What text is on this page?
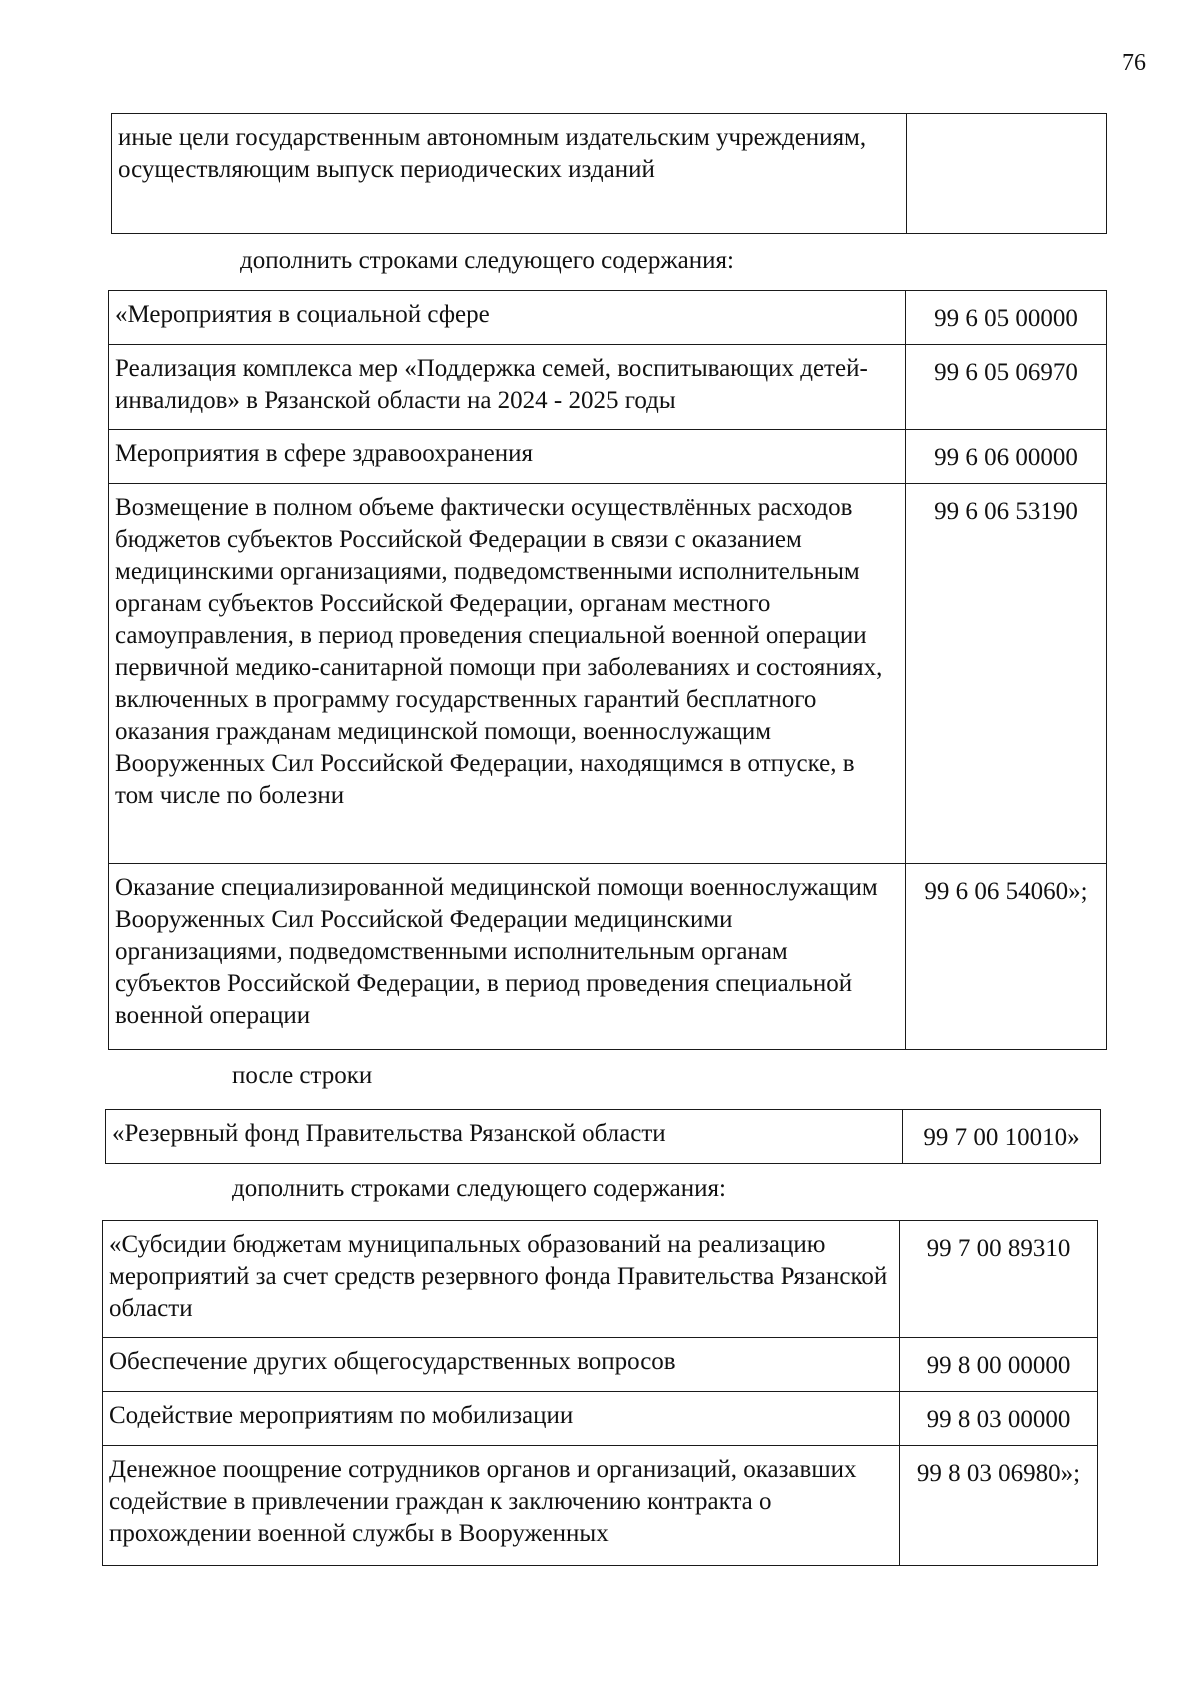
76
иные цели государственным автономным издательским учреждениям, осуществляющим выпуск периодических изданий	
дополнить строками следующего содержания:
«Мероприятия в социальной сфере	99 6 05 00000
Реализация комплекса мер «Поддержка семей, воспитывающих детей-инвалидов» в Рязанской области на 2024 - 2025 годы	99 6 05 06970
Мероприятия в сфере здравоохранения	99 6 06 00000
Возмещение в полном объеме фактически осуществлённых расходов бюджетов субъектов Российской Федерации в связи с оказанием медицинскими организациями, подведомственными исполнительным органам субъектов Российской Федерации, органам местного самоуправления, в период проведения специальной военной операции первичной медико-санитарной помощи при заболеваниях и состояниях, включенных в программу государственных гарантий бесплатного оказания гражданам медицинской помощи, военнослужащим Вооруженных Сил Российской Федерации, находящимся в отпуске, в том числе по болезни	99 6 06 53190
Оказание специализированной медицинской помощи военнослужащим Вооруженных Сил Российской Федерации медицинскими организациями, подведомственными исполнительным органам субъектов Российской Федерации, в период проведения специальной военной операции	99 6 06 54060»;
после строки
«Резервный фонд Правительства Рязанской области	99 7 00 10010»
дополнить строками следующего содержания:
«Субсидии бюджетам муниципальных образований на реализацию мероприятий за счет средств резервного фонда Правительства Рязанской области	99 7 00 89310
Обеспечение других общегосударственных вопросов	99 8 00 00000
Содействие мероприятиям по мобилизации	99 8 03 00000
Денежное поощрение сотрудников органов и организаций, оказавших содействие в привлечении граждан к заключению контракта о прохождении военной службы в Вооруженных	99 8 03 06980»;
